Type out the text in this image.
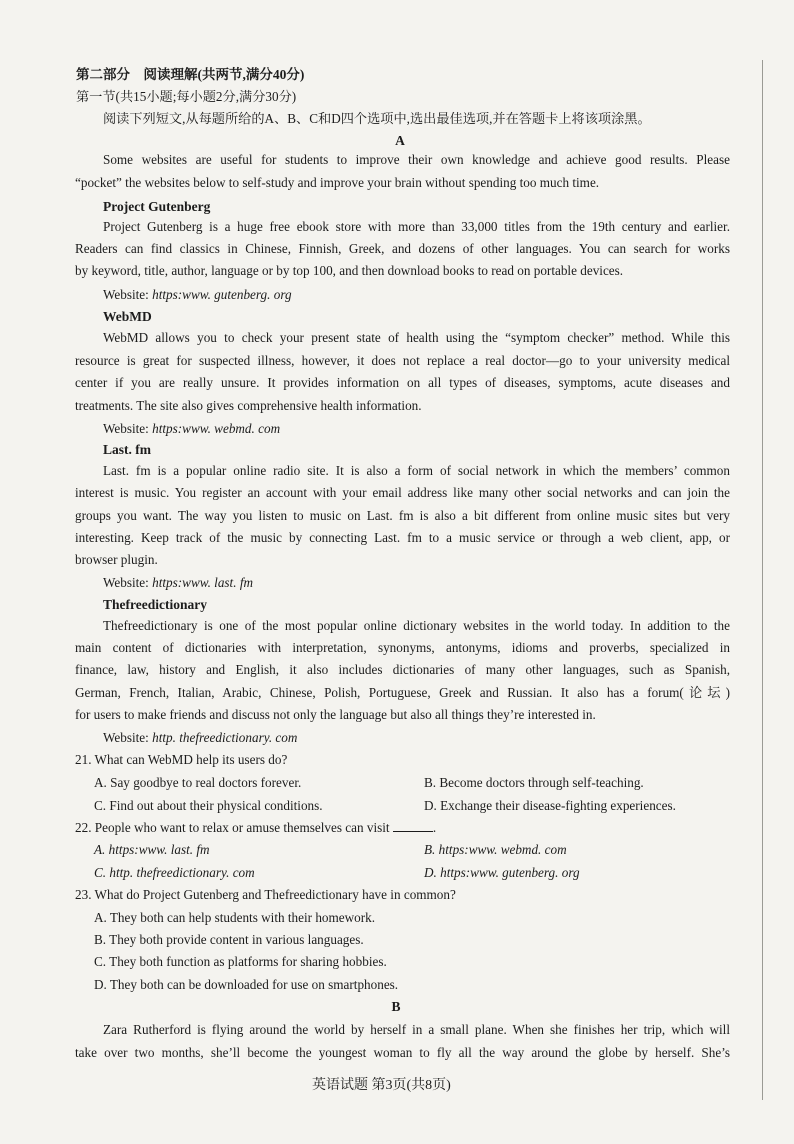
第二部分　阅读理解(共两节,满分40分)
第一节(共15小题;每小题2分,满分30分)
阅读下列短文,从每题所给的A、B、C和D四个选项中,选出最佳选项,并在答题卡上将该项涂黑。
A
Some websites are useful for students to improve their own knowledge and achieve good results. Please
“pocket” the websites below to self-study and improve your brain without spending too much time.
Project Gutenberg
Project Gutenberg is a huge free ebook store with more than 33,000 titles from the 19th century and earlier.
Readers can find classics in Chinese, Finnish, Greek, and dozens of other languages. You can search for works
by keyword, title, author, language or by top 100, and then download books to read on portable devices.
Website: https:www. gutenberg. org
WebMD
WebMD allows you to check your present state of health using the “symptom checker” method. While this
resource is great for suspected illness, however, it does not replace a real doctor—go to your university medical
center if you are really unsure. It provides information on all types of diseases, symptoms, acute diseases and
treatments. The site also gives comprehensive health information.
Website: https:www. webmd. com
Last. fm
Last. fm is a popular online radio site. It is also a form of social network in which the members’ common
interest is music. You register an account with your email address like many other social networks and can join the
groups you want. The way you listen to music on Last. fm is also a bit different from online music sites but very
interesting. Keep track of the music by connecting Last. fm to a music service or through a web client, app, or
browser plugin.
Website: https:www. last. fm
Thefreedictionary
Thefreedictionary is one of the most popular online dictionary websites in the world today. In addition to the
main content of dictionaries with interpretation, synonyms, antonyms, idioms and proverbs, specialized in
finance, law, history and English, it also includes dictionaries of many other languages, such as Spanish,
German, French, Italian, Arabic, Chinese, Polish, Portuguese, Greek and Russian. It also has a forum(论坛)
for users to make friends and discuss not only the language but also all things they’re interested in.
Website: http. thefreedictionary. com
21. What can WebMD help its users do?
A. Say goodbye to real doctors forever.	B. Become doctors through self-teaching.
C. Find out about their physical conditions.	D. Exchange their disease-fighting experiences.
22. People who want to relax or amuse themselves can visit	.
A. https:www. last. fm	B. https:www. webmd. com
C. http. thefreedictionary. com	D. https:www. gutenberg. org
23. What do Project Gutenberg and Thefreedictionary have in common?
A. They both can help students with their homework.
B. They both provide content in various languages.
C. They both function as platforms for sharing hobbies.
D. They both can be downloaded for use on smartphones.
B
Zara Rutherford is flying around the world by herself in a small plane. When she finishes her trip, which will
take over two months, she’ll become the youngest woman to fly all the way around the globe by herself. She’s
英语试题 第3页(共8页)
